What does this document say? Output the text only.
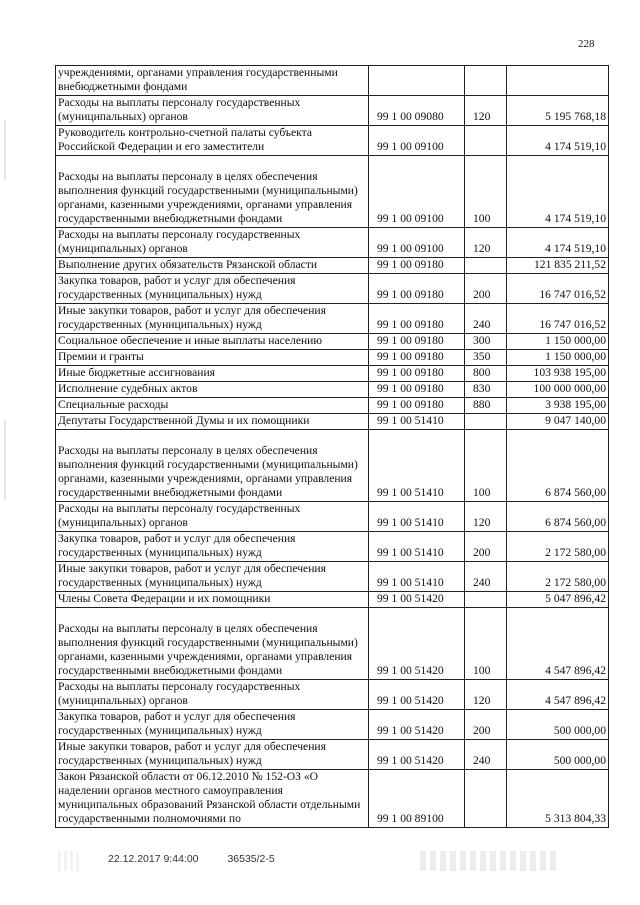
228
учреждениями, органами управления государственными внебюджетными фондами			
Расходы на выплаты персоналу государственных (муниципальных) органов	99 1 00 09080	120	5 195 768,18
Руководитель контрольно-счетной палаты субъекта Российской Федерации и его заместители	99 1 00 09100		4 174 519,10
Расходы на выплаты персоналу в целях обеспечения выполнения функций государственными (муниципальными) органами, казенными учреждениями, органами управления государственными внебюджетными фондами	99 1 00 09100	100	4 174 519,10
Расходы на выплаты персоналу государственных (муниципальных) органов	99 1 00 09100	120	4 174 519,10
Выполнение других обязательств Рязанской области	99 1 00 09180		121 835 211,52
Закупка товаров, работ и услуг для обеспечения государственных (муниципальных) нужд	99 1 00 09180	200	16 747 016,52
Иные закупки товаров, работ и услуг для обеспечения государственных (муниципальных) нужд	99 1 00 09180	240	16 747 016,52
Социальное обеспечение и иные выплаты населению	99 1 00 09180	300	1 150 000,00
Премии и гранты	99 1 00 09180	350	1 150 000,00
Иные бюджетные ассигнования	99 1 00 09180	800	103 938 195,00
Исполнение судебных актов	99 1 00 09180	830	100 000 000,00
Специальные расходы	99 1 00 09180	880	3 938 195,00
Депутаты Государственной Думы и их помощники	99 1 00 51410		9 047 140,00
Расходы на выплаты персоналу в целях обеспечения выполнения функций государственными (муниципальными) органами, казенными учреждениями, органами управления государственными внебюджетными фондами	99 1 00 51410	100	6 874 560,00
Расходы на выплаты персоналу государственных (муниципальных) органов	99 1 00 51410	120	6 874 560,00
Закупка товаров, работ и услуг для обеспечения государственных (муниципальных) нужд	99 1 00 51410	200	2 172 580,00
Иные закупки товаров, работ и услуг для обеспечения государственных (муниципальных) нужд	99 1 00 51410	240	2 172 580,00
Члены Совета Федерации и их помощники	99 1 00 51420		5 047 896,42
Расходы на выплаты персоналу в целях обеспечения выполнения функций государственными (муниципальными) органами, казенными учреждениями, органами управления государственными внебюджетными фондами	99 1 00 51420	100	4 547 896,42
Расходы на выплаты персоналу государственных (муниципальных) органов	99 1 00 51420	120	4 547 896,42
Закупка товаров, работ и услуг для обеспечения государственных (муниципальных) нужд	99 1 00 51420	200	500 000,00
Иные закупки товаров, работ и услуг для обеспечения государственных (муниципальных) нужд	99 1 00 51420	240	500 000,00
Закон Рязанской области от 06.12.2010 № 152-ОЗ «О наделении органов местного самоуправления муниципальных образований Рязанской области отдельными государственными полномочиями по	99 1 00 89100		5 313 804,33
22.12.2017 9:44:00	36535/2-5
